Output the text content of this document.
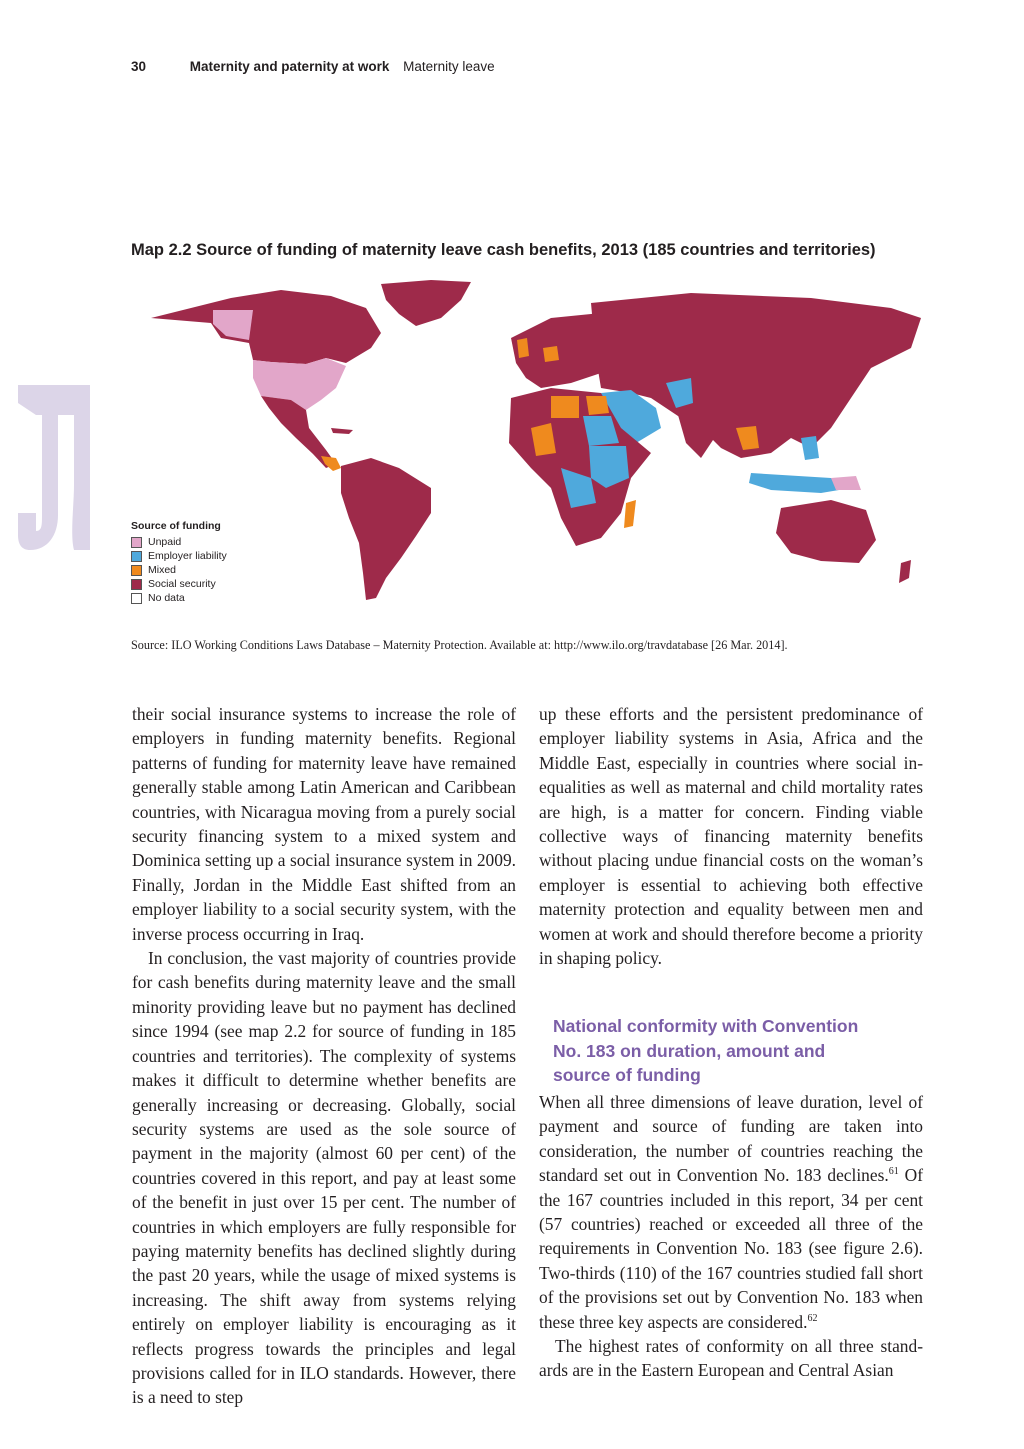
30	Maternity and paternity at work Maternity leave
Map 2.2 Source of funding of maternity leave cash benefits, 2013 (185 countries and territories)
Source of funding
Unpaid
Employer liability
Mixed
Social security
No data
Source: ILO Working Conditions Laws Database – Maternity Protection. Available at: http://www.ilo.org/travdatabase [26 Mar. 2014].

their social insurance systems to increase the role of employers in funding maternity benefits. Regional patterns of funding for maternity leave have remained generally stable among Latin American and Caribbean countries, with Nicaragua moving from a purely social security financing system to a mixed system and Dominica setting up a social insurance system in 2009. Finally, Jordan in the Middle East shifted from an employer liability to a social security system, with the inverse process occurring in Iraq.

In conclusion, the vast majority of countries provide for cash benefits during maternity leave and the small minority providing leave but no payment has declined since 1994 (see map 2.2 for source of funding in 185 countries and territories). The complexity of systems makes it difficult to determine whether benefits are generally increasing or decreasing. Globally, social security systems are used as the sole source of payment in the majority (almost 60 per cent) of the countries covered in this report, and pay at least some of the benefit in just over 15 per cent. The number of countries in which employers are fully responsible for paying maternity benefits has declined slightly during the past 20 years, while the usage of mixed systems is increasing. The shift away from systems relying entirely on employer liability is encouraging as it reflects progress towards the principles and legal provisions called for in ILO standards. However, there is a need to step

up these efforts and the persistent predominance of employer liability systems in Asia, Africa and the Middle East, especially in countries where social inequalities as well as maternal and child mortality rates are high, is a matter for concern. Finding viable collective ways of financing maternity benefits without placing undue financial costs on the woman’s employer is essential to achieving both effective maternity protection and equality between men and women at work and should therefore become a priority in shaping policy.

National conformity with Convention No. 183 on duration, amount and source of funding

When all three dimensions of leave duration, level of payment and source of funding are taken into consideration, the number of countries reaching the standard set out in Convention No. 183 declines.$^{61}$ Of the 167 countries included in this report, 34 per cent (57 countries) reached or exceeded all three of the requirements in Convention No. 183 (see figure 2.6). Two-thirds (110) of the 167 countries studied fall short of the provisions set out by Convention No. 183 when these three key aspects are considered.$^{62}$

The highest rates of conformity on all three standards are in the Eastern European and Central Asian
